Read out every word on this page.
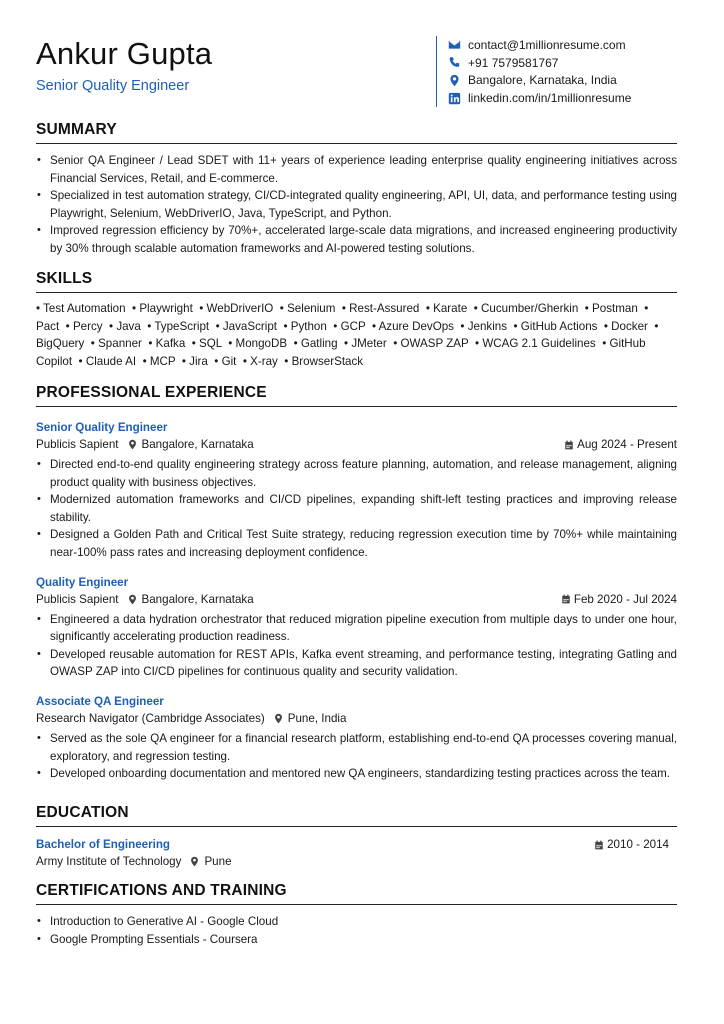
Ankur Gupta
Senior Quality Engineer
contact@1millionresume.com
+91 7579581767
Bangalore, Karnataka, India
linkedin.com/in/1millionresume
SUMMARY
• Senior QA Engineer / Lead SDET with 11+ years of experience leading enterprise quality engineering initiatives across Financial Services, Retail, and E-commerce.
• Specialized in test automation strategy, CI/CD-integrated quality engineering, API, UI, data, and performance testing using Playwright, Selenium, WebDriverIO, Java, TypeScript, and Python.
• Improved regression efficiency by 70%+, accelerated large-scale data migrations, and increased engineering productivity by 30% through scalable automation frameworks and AI-powered testing solutions.
SKILLS
• Test Automation • Playwright • WebDriverIO • Selenium • Rest-Assured • Karate • Cucumber/Gherkin • Postman• Pact • Percy • Java • TypeScript • JavaScript • Python • GCP • Azure DevOps • Jenkins • GitHub Actions • Docker• BigQuery • Spanner • Kafka • SQL • MongoDB • Gatling • JMeter • OWASP ZAP • WCAG 2.1 Guidelines • GitHub Copilot • Claude AI • MCP • Jira • Git • X-ray • BrowserStack
PROFESSIONAL EXPERIENCE
Senior Quality Engineer
Publicis Sapient Bangalore, Karnataka	Aug 2024 - Present
• Directed end-to-end quality engineering strategy across feature planning, automation, and release management, aligning product quality with business objectives.
• Modernized automation frameworks and CI/CD pipelines, expanding shift-left testing practices and improving release stability.
• Designed a Golden Path and Critical Test Suite strategy, reducing regression execution time by 70%+ while maintaining near-100% pass rates and increasing deployment confidence.
Quality Engineer
Publicis Sapient Bangalore, Karnataka	Feb 2020 - Jul 2024
• Engineered a data hydration orchestrator that reduced migration pipeline execution from multiple days to under one hour, significantly accelerating production readiness.
• Developed reusable automation for REST APIs, Kafka event streaming, and performance testing, integrating Gatling and OWASP ZAP into CI/CD pipelines for continuous quality and security validation.
Associate QA Engineer
Research Navigator (Cambridge Associates) Pune, India
• Served as the sole QA engineer for a financial research platform, establishing end-to-end QA processes covering manual, exploratory, and regression testing.
• Developed onboarding documentation and mentored new QA engineers, standardizing testing practices across the team.
EDUCATION
Bachelor of Engineering	2010 - 2014
Army Institute of Technology Pune
CERTIFICATIONS AND TRAINING
• Introduction to Generative AI - Google Cloud
• Google Prompting Essentials - Coursera
